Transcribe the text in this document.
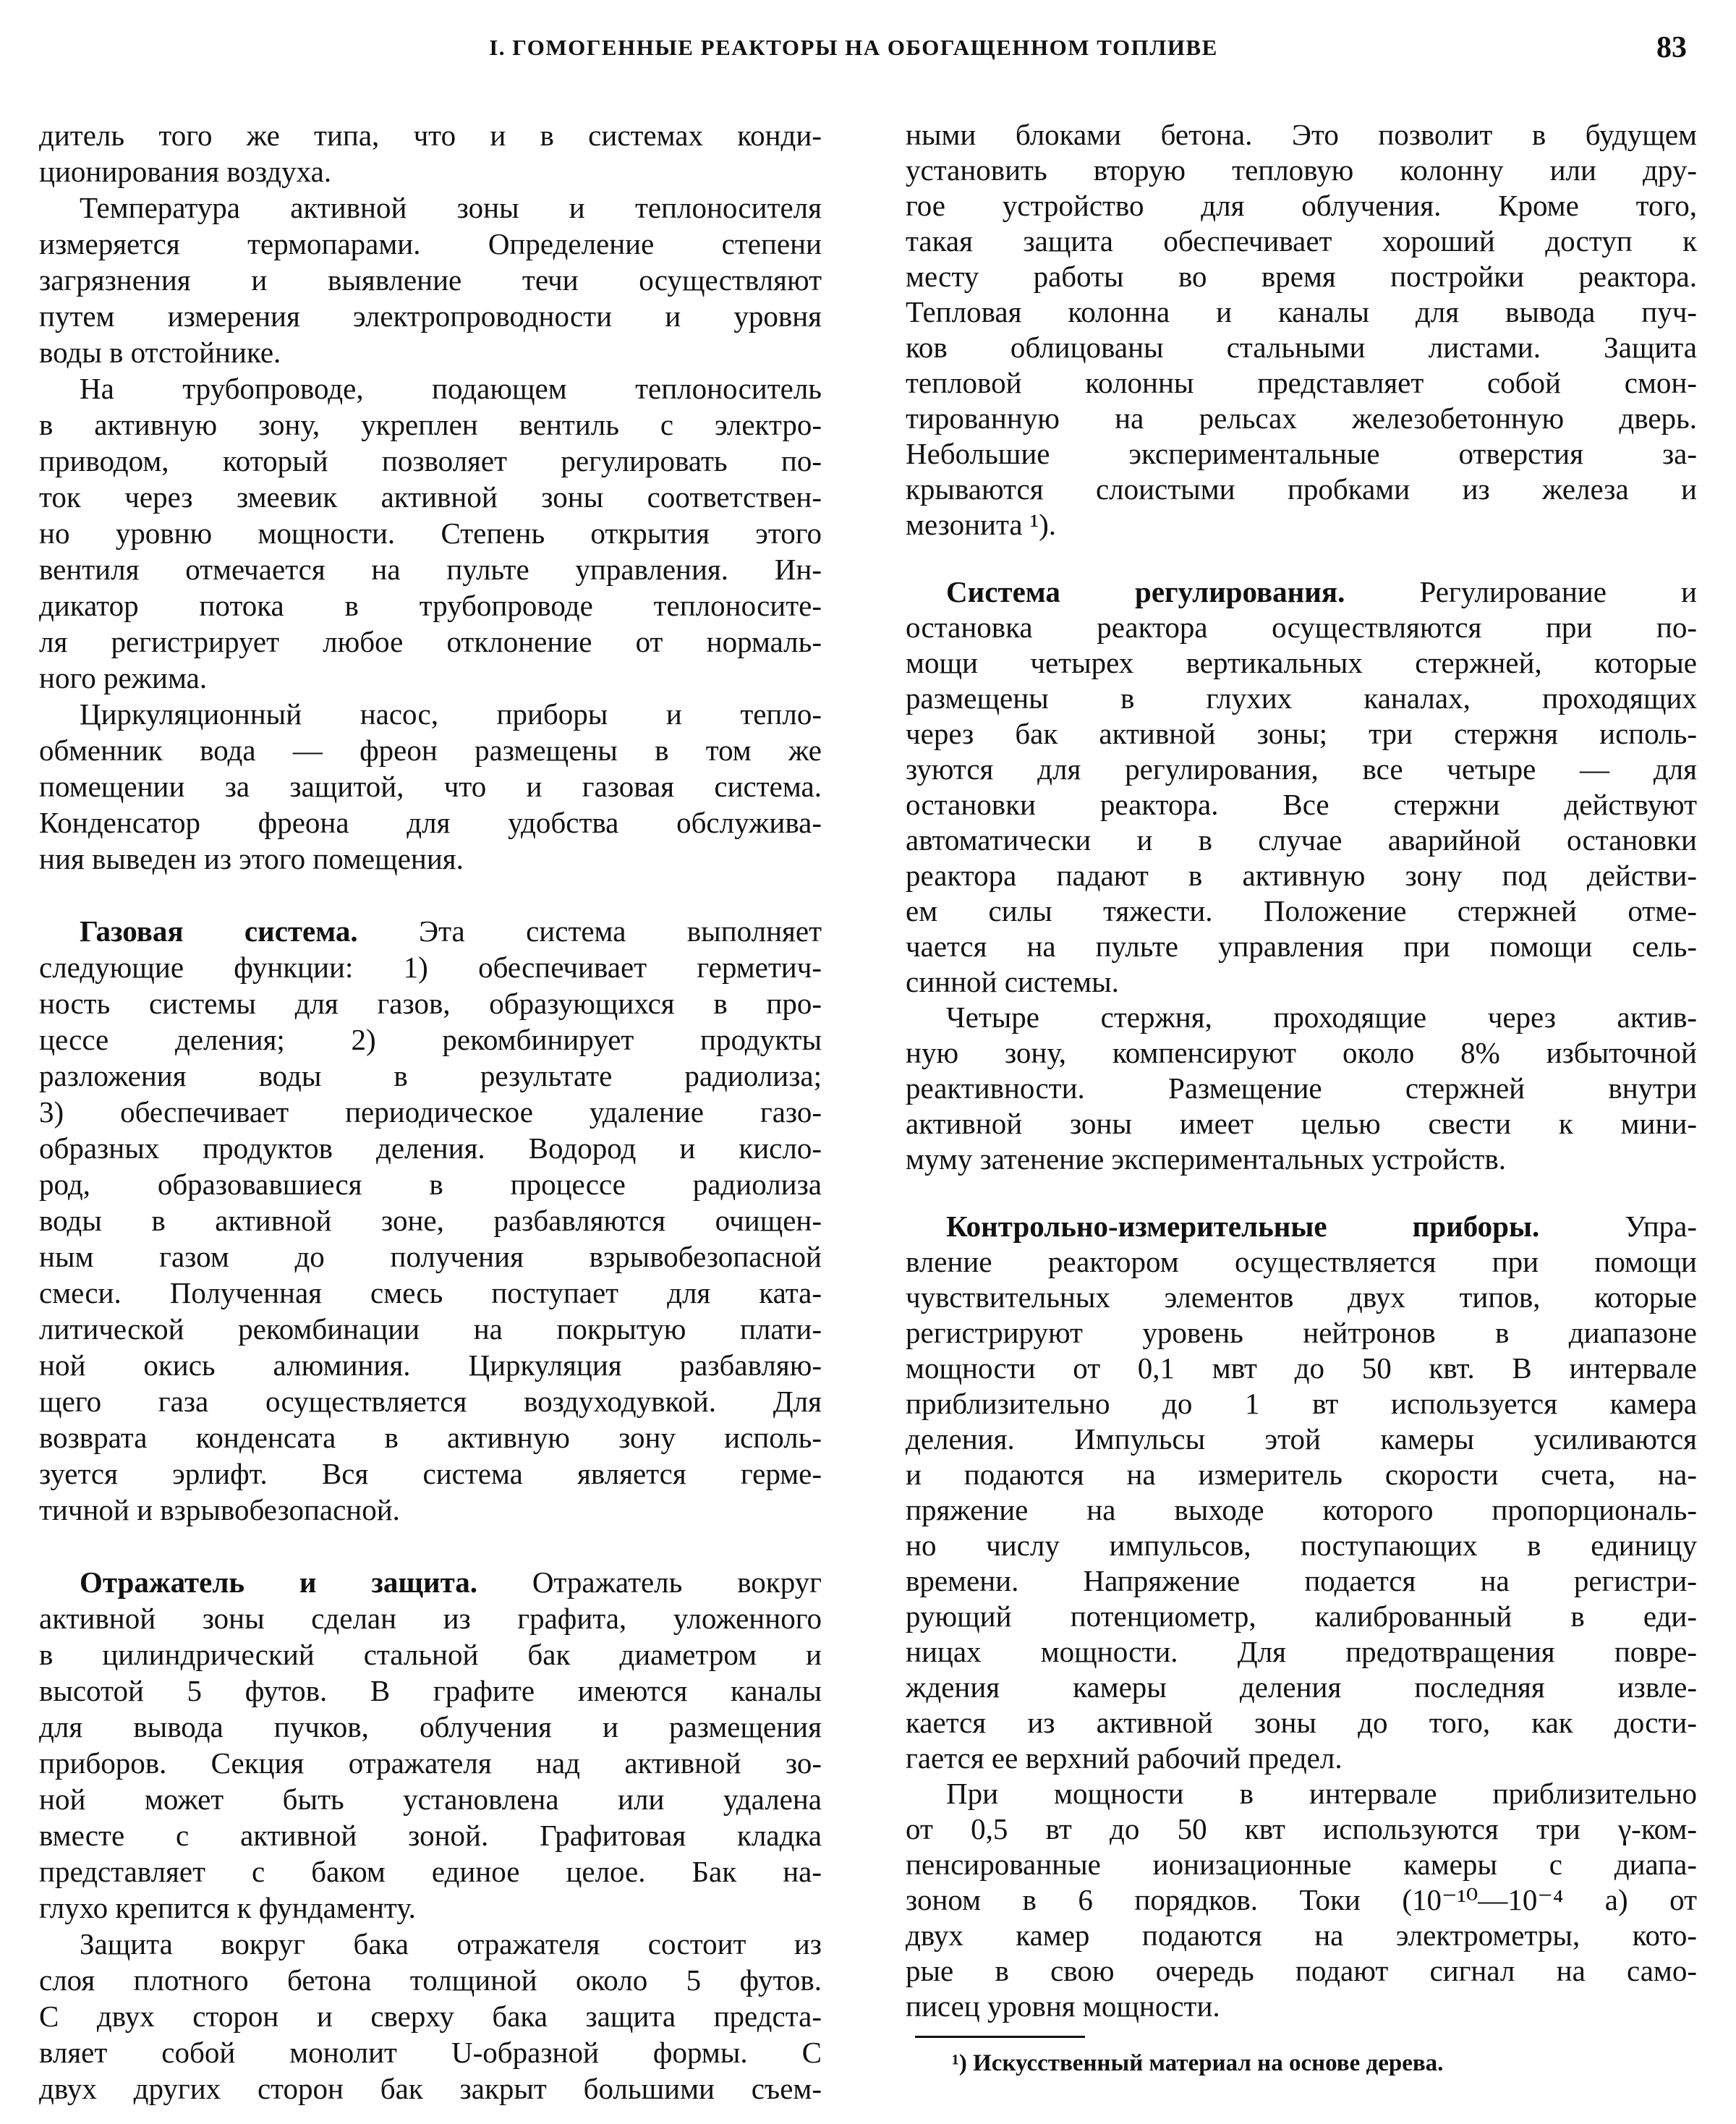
I. ГОМОГЕННЫЕ РЕАКТОРЫ НА ОБОГАЩЕННОМ ТОПЛИВЕ	83
дитель того же типа, что и в системах конди-
ционирования воздуха.
Температура активной зоны и теплоносителя
измеряется термопарами. Определение степени
загрязнения и выявление течи осуществляют
путем измерения электропроводности и уровня
воды в отстойнике.
На трубопроводе, подающем теплоноситель
в активную зону, укреплен вентиль с электро-
приводом, который позволяет регулировать по-
ток через змеевик активной зоны соответствен-
но уровню мощности. Степень открытия этого
вентиля отмечается на пульте управления. Ин-
дикатор потока в трубопроводе теплоносите-
ля регистрирует любое отклонение от нормаль-
ного режима.
Циркуляционный насос, приборы и тепло-
обменник вода — фреон размещены в том же
помещении за защитой, что и газовая система.
Конденсатор фреона для удобства обслужива-
ния выведен из этого помещения.
Газовая система. Эта система выполняет
следующие функции: 1) обеспечивает герметич-
ность системы для газов, образующихся в про-
цессе деления; 2) рекомбинирует продукты
разложения воды в результате радиолиза;
3) обеспечивает периодическое удаление газо-
образных продуктов деления. Водород и кисло-
род, образовавшиеся в процессе радиолиза
воды в активной зоне, разбавляются очищен-
ным газом до получения взрывобезопасной
смеси. Полученная смесь поступает для ката-
литической рекомбинации на покрытую плати-
ной окись алюминия. Циркуляция разбавляю-
щего газа осуществляется воздуходувкой. Для
возврата конденсата в активную зону исполь-
зуется эрлифт. Вся система является герме-
тичной и взрывобезопасной.
Отражатель и защита. Отражатель вокруг
активной зоны сделан из графита, уложенного
в цилиндрический стальной бак диаметром и
высотой 5 футов. В графите имеются каналы
для вывода пучков, облучения и размещения
приборов. Секция отражателя над активной зо-
ной может быть установлена или удалена
вместе с активной зоной. Графитовая кладка
представляет с баком единое целое. Бак на-
глухо крепится к фундаменту.
Защита вокруг бака отражателя состоит из
слоя плотного бетона толщиной около 5 футов.
С двух сторон и сверху бака защита предста-
вляет собой монолит U-образной формы. С
двух других сторон бак закрыт большими съем-
ными блоками бетона. Это позволит в будущем
установить вторую тепловую колонну или дру-
гое устройство для облучения. Кроме того,
такая защита обеспечивает хороший доступ к
месту работы во время постройки реактора.
Тепловая колонна и каналы для вывода пуч-
ков облицованы стальными листами. Защита
тепловой колонны представляет собой смон-
тированную на рельсах железобетонную дверь.
Небольшие экспериментальные отверстия за-
крываются слоистыми пробками из железа и
мезонита ¹).
Система регулирования. Регулирование и
остановка реактора осуществляются при по-
мощи четырех вертикальных стержней, которые
размещены в глухих каналах, проходящих
через бак активной зоны; три стержня исполь-
зуются для регулирования, все четыре — для
остановки реактора. Все стержни действуют
автоматически и в случае аварийной остановки
реактора падают в активную зону под действи-
ем силы тяжести. Положение стержней отме-
чается на пульте управления при помощи сель-
синной системы.
Четыре стержня, проходящие через актив-
ную зону, компенсируют около 8% избыточной
реактивности. Размещение стержней внутри
активной зоны имеет целью свести к мини-
муму затенение экспериментальных устройств.
Контрольно-измерительные приборы. Упра-
вление реактором осуществляется при помощи
чувствительных элементов двух типов, которые
регистрируют уровень нейтронов в диапазоне
мощности от 0,1 мвт до 50 квт. В интервале
приблизительно до 1 вт используется камера
деления. Импульсы этой камеры усиливаются
и подаются на измеритель скорости счета, на-
пряжение на выходе которого пропорциональ-
но числу импульсов, поступающих в единицу
времени. Напряжение подается на регистри-
рующий потенциометр, калиброванный в еди-
ницах мощности. Для предотвращения повре-
ждения камеры деления последняя извле-
кается из активной зоны до того, как дости-
гается ее верхний рабочий предел.
При мощности в интервале приблизительно
от 0,5 вт до 50 квт используются три γ-ком-
пенсированные ионизационные камеры с диапа-
зоном в 6 порядков. Токи (10⁻¹⁰—10⁻⁴ а) от
двух камер подаются на электрометры, кото-
рые в свою очередь подают сигнал на само-
писец уровня мощности.
¹) Искусственный материал на основе дерева.
